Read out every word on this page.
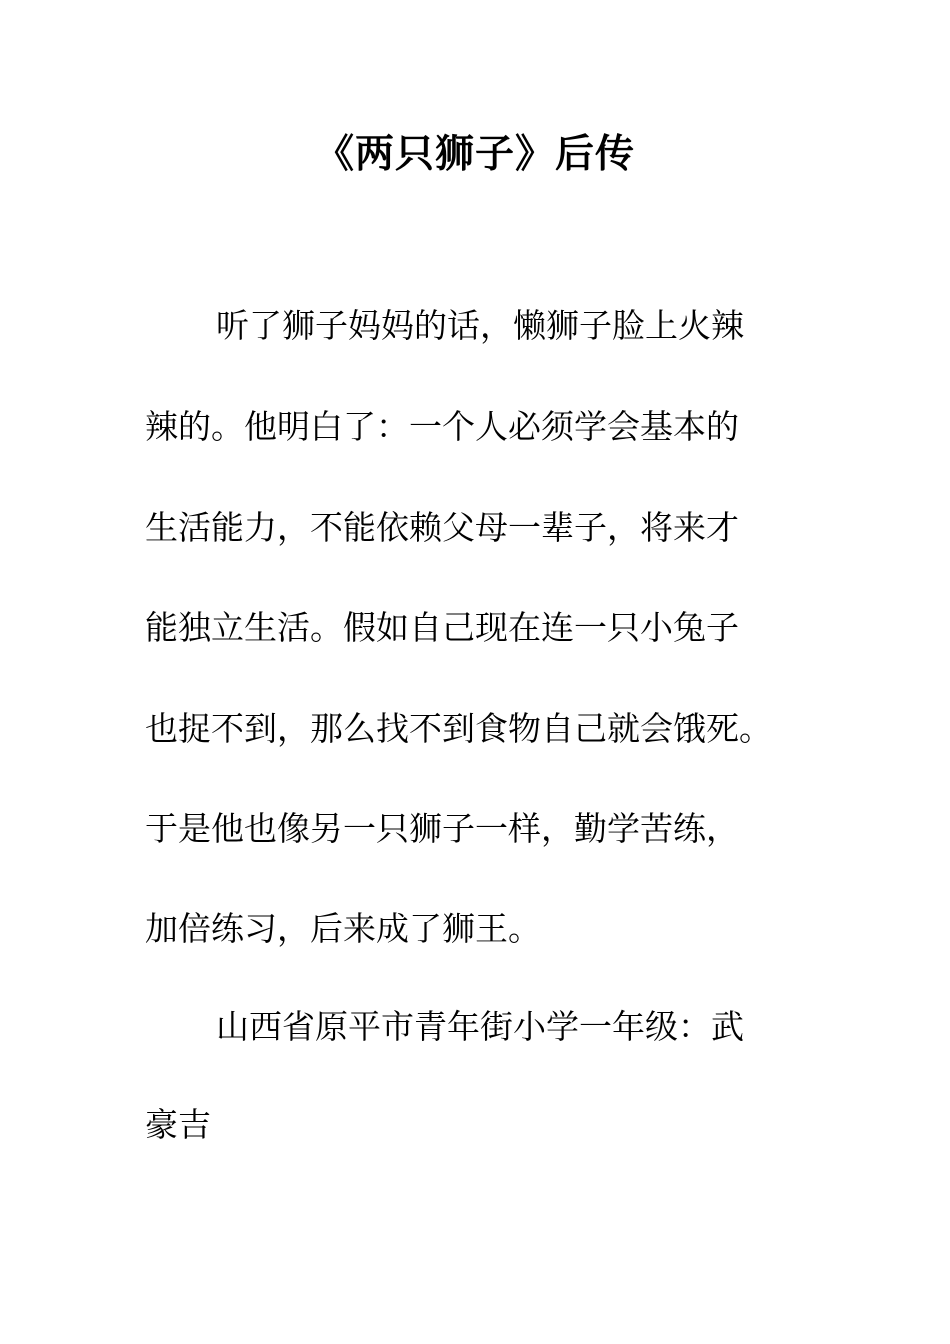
《两只狮子》后传

听了狮子妈妈的话，懒狮子脸上火辣

辣的。他明白了：一个人必须学会基本的

生活能力，不能依赖父母一辈子，将来才

能独立生活。假如自己现在连一只小兔子

也捉不到，那么找不到食物自己就会饿死。

于是他也像另一只狮子一样，勤学苦练，

加倍练习，后来成了狮王。

山西省原平市青年街小学一年级：武

豪吉
